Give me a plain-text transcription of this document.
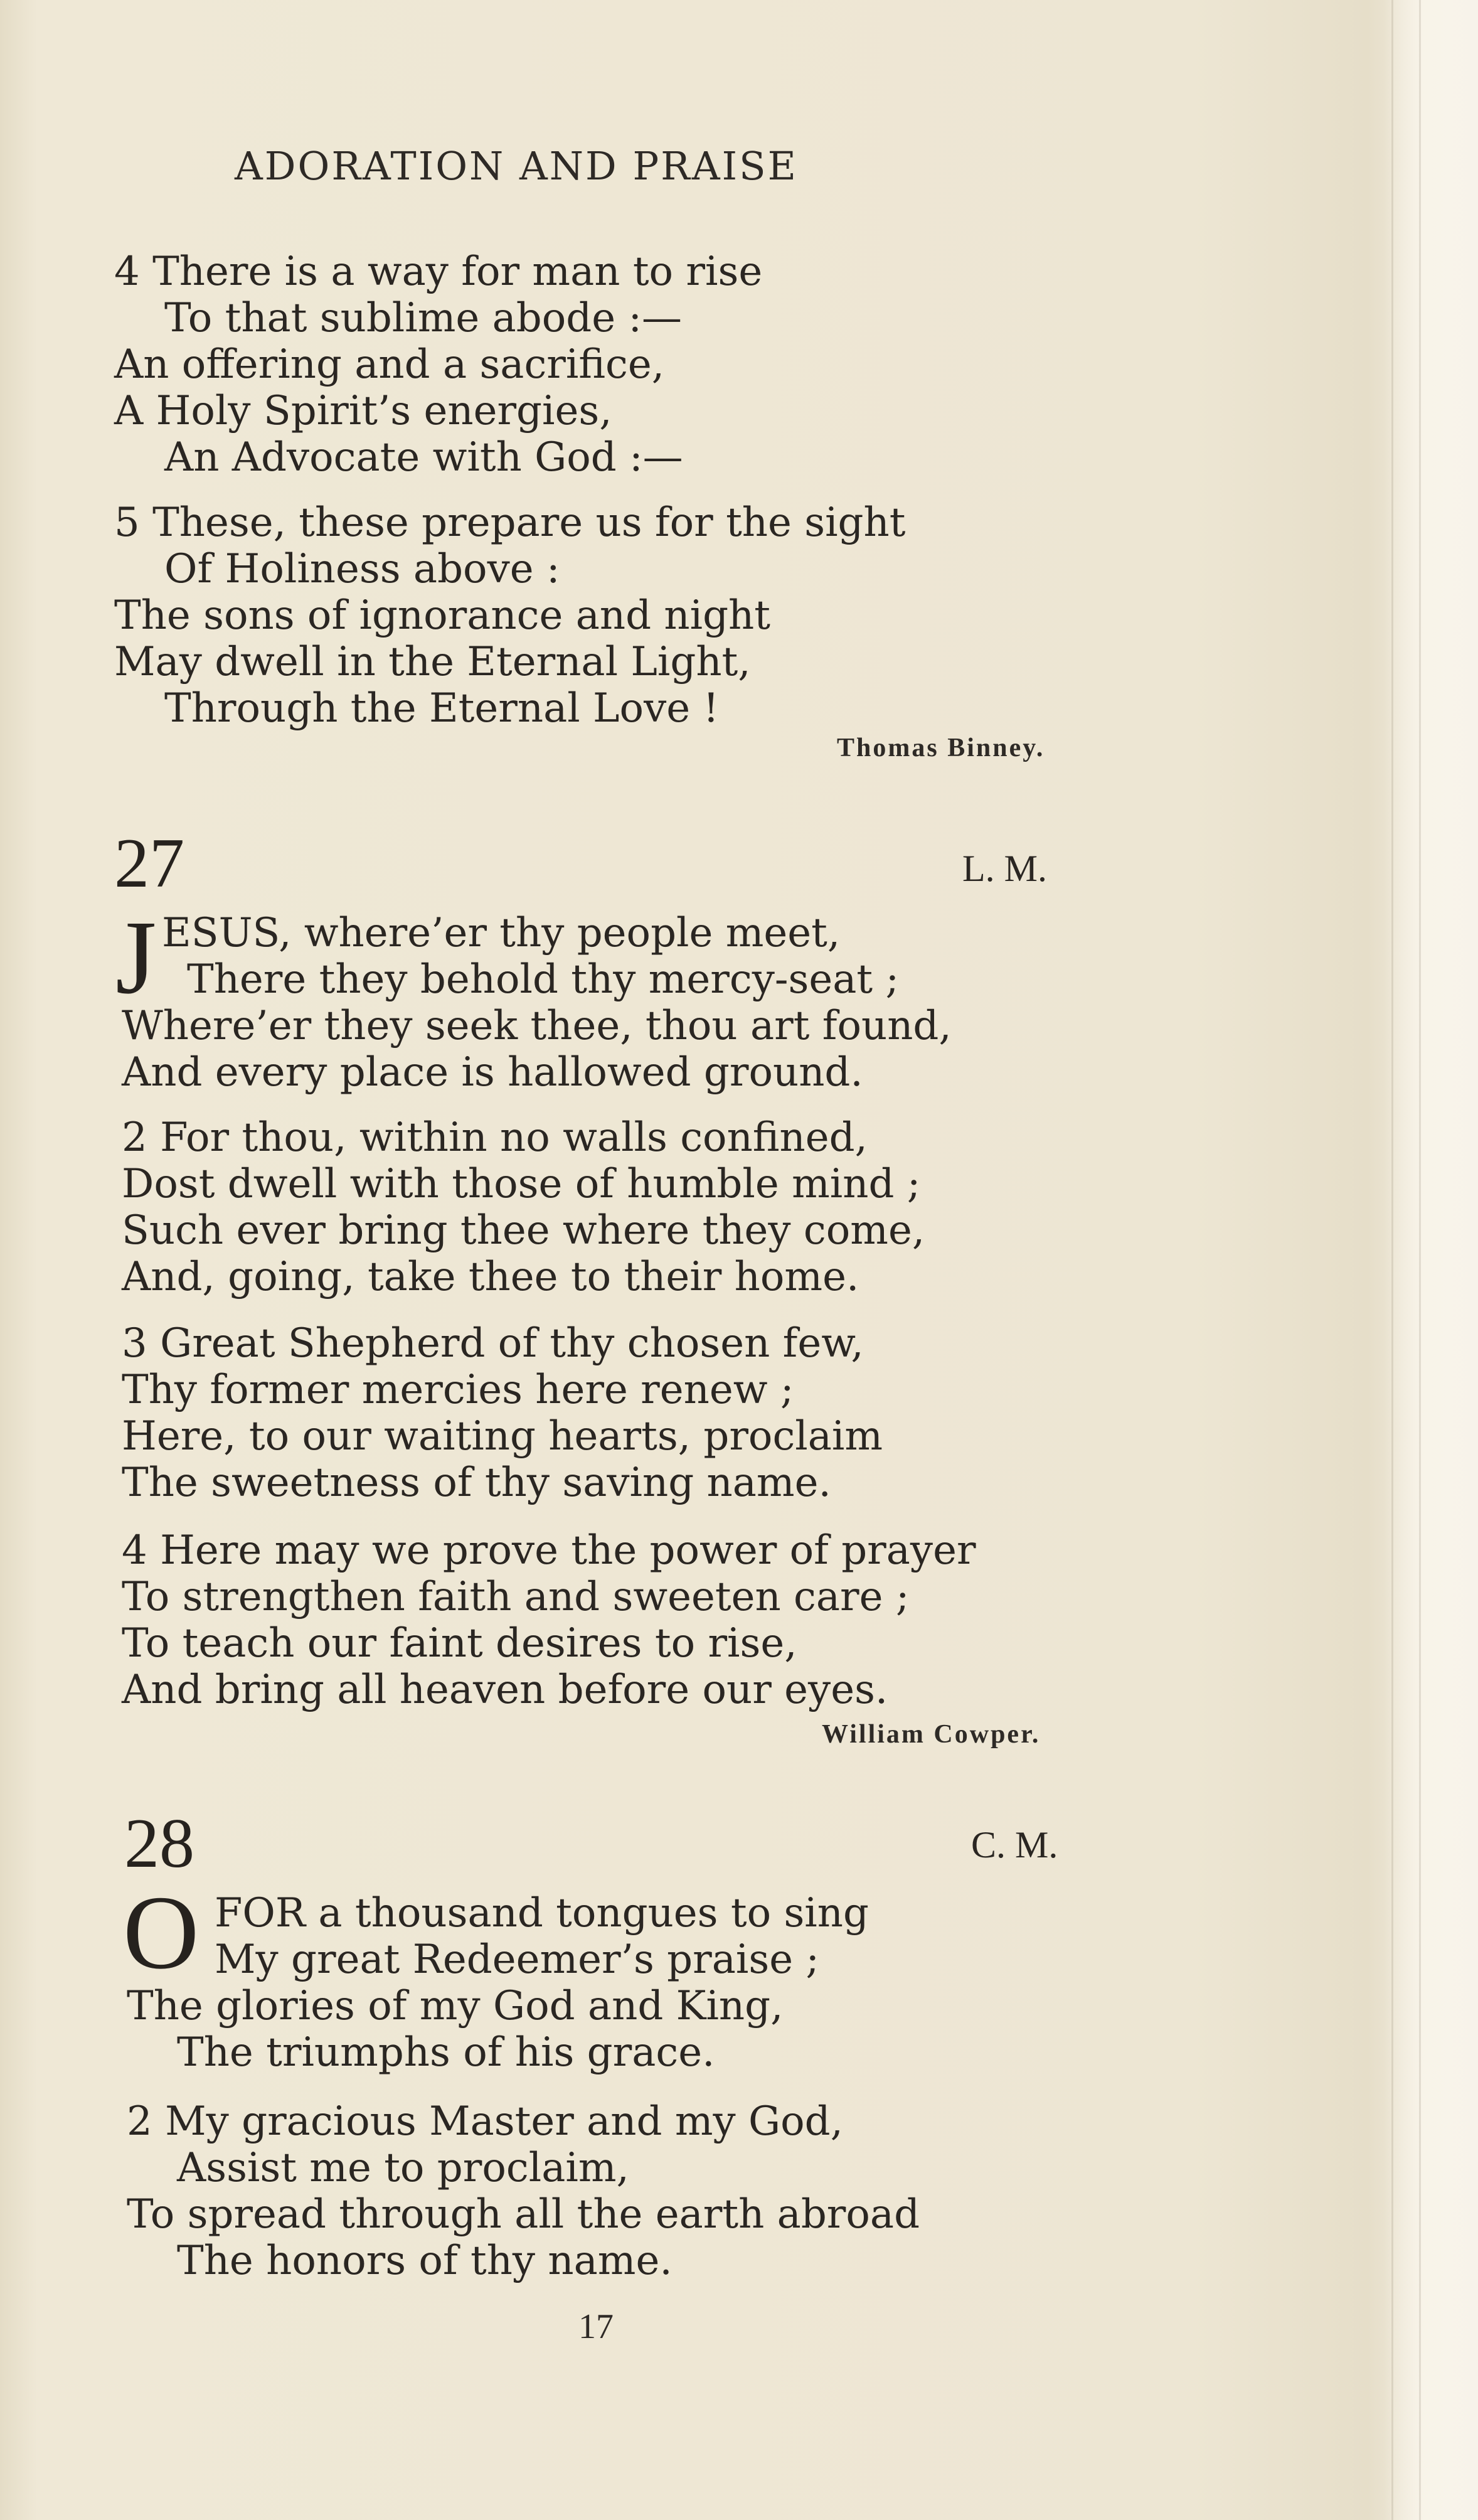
ADORATION AND PRAISE
4 There is a way for man to rise
To that sublime abode :—
An offering and a sacrifice,
A Holy Spirit’s energies,
An Advocate with God :—
5 These, these prepare us for the sight
Of Holiness above :
The sons of ignorance and night
May dwell in the Eternal Light,
Through the Eternal Love !
Thomas Binney.
27	L. M.
J ESUS, where’er thy people meet,
There they behold thy mercy-seat ;
Where’er they seek thee, thou art found,
And every place is hallowed ground.
2 For thou, within no walls confined,
Dost dwell with those of humble mind ;
Such ever bring thee where they come,
And, going, take thee to their home.
3 Great Shepherd of thy chosen few,
Thy former mercies here renew ;
Here, to our waiting hearts, proclaim
The sweetness of thy saving name.
4 Here may we prove the power of prayer
To strengthen faith and sweeten care ;
To teach our faint desires to rise,
And bring all heaven before our eyes.
William Cowper.
28	C. M.
O FOR a thousand tongues to sing
My great Redeemer’s praise ;
The glories of my God and King,
The triumphs of his grace.
2 My gracious Master and my God,
Assist me to proclaim,
To spread through all the earth abroad
The honors of thy name.
17
